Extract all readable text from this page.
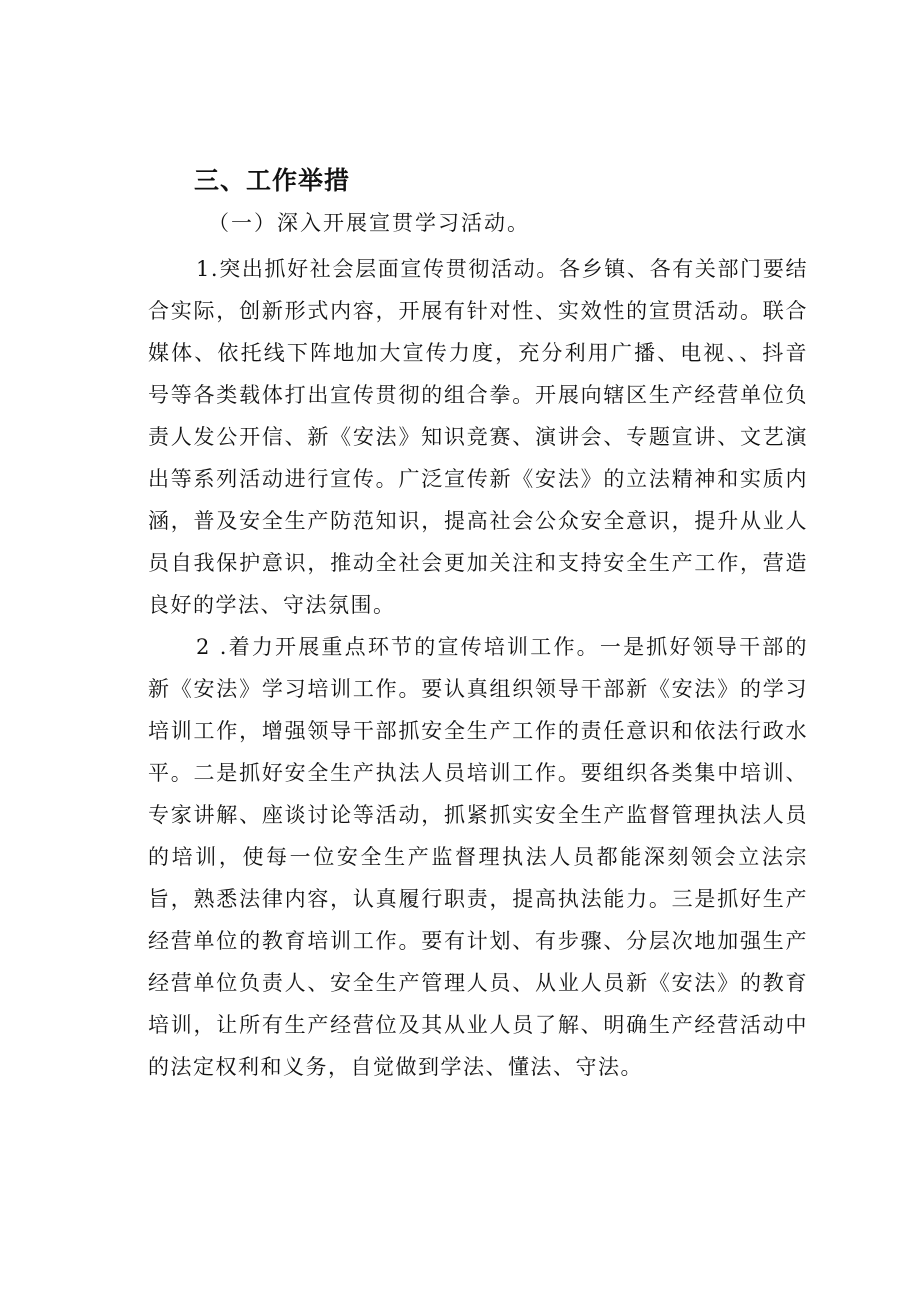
三、工作举措
（一）深入开展宣贯学习活动。

1.突出抓好社会层面宣传贯彻活动。各乡镇、各有关部门要结合实际，创新形式内容，开展有针对性、实效性的宣贯活动。联合媒体、依托线下阵地加大宣传力度，充分利用广播、电视、、抖音号等各类载体打出宣传贯彻的组合拳。开展向辖区生产经营单位负责人发公开信、新《安法》知识竞赛、演讲会、专题宣讲、文艺演出等系列活动进行宣传。广泛宣传新《安法》的立法精神和实质内涵，普及安全生产防范知识，提高社会公众安全意识，提升从业人员自我保护意识，推动全社会更加关注和支持安全生产工作，营造良好的学法、守法氛围。

2 .着力开展重点环节的宣传培训工作。一是抓好领导干部的新《安法》学习培训工作。要认真组织领导干部新《安法》的学习培训工作，增强领导干部抓安全生产工作的责任意识和依法行政水平。二是抓好安全生产执法人员培训工作。要组织各类集中培训、专家讲解、座谈讨论等活动，抓紧抓实安全生产监督管理执法人员的培训，使每一位安全生产监督理执法人员都能深刻领会立法宗旨，熟悉法律内容，认真履行职责，提高执法能力。三是抓好生产经营单位的教育培训工作。要有计划、有步骤、分层次地加强生产经营单位负责人、安全生产管理人员、从业人员新《安法》的教育培训，让所有生产经营位及其从业人员了解、明确生产经营活动中的法定权利和义务，自觉做到学法、懂法、守法。
